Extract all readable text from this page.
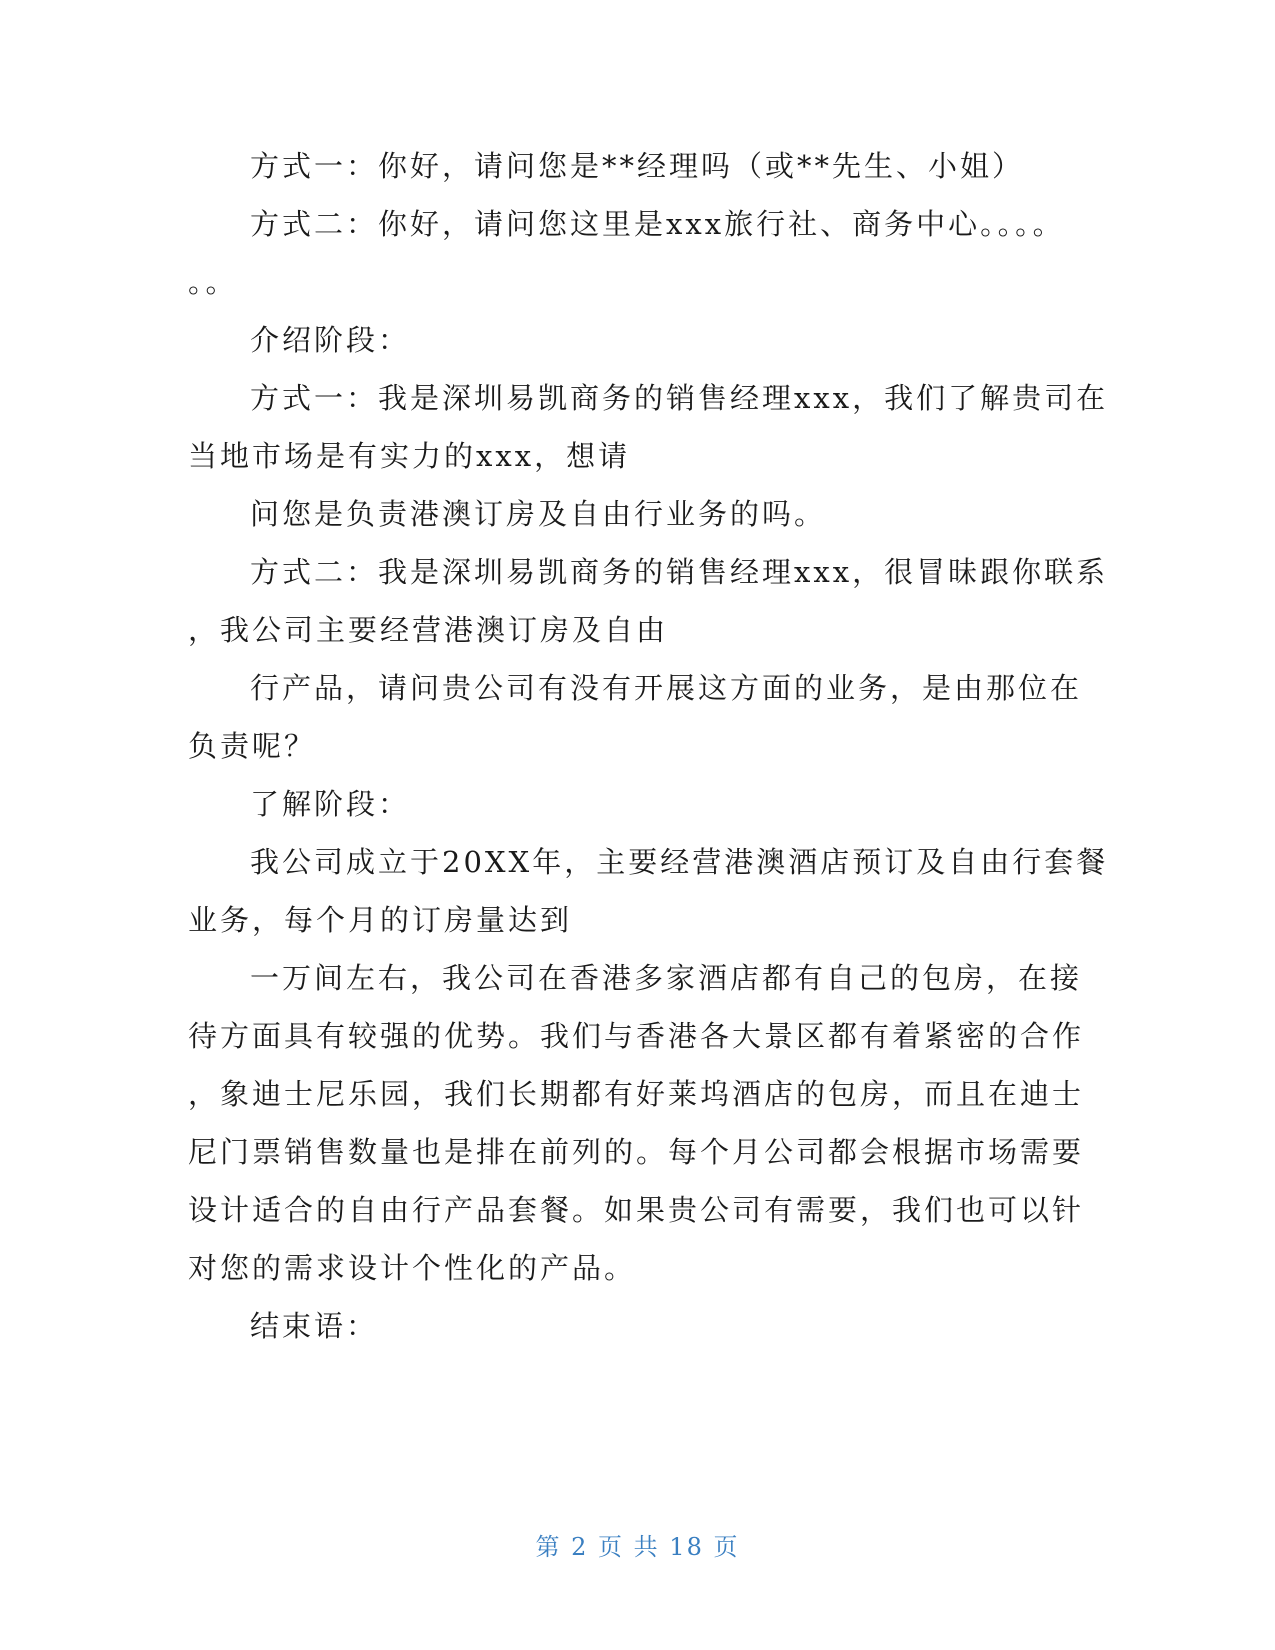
方式一：你好，请问您是**经理吗（或**先生、小姐）
方式二：你好，请问您这里是xxx旅行社、商务中心。。。。
。。
介绍阶段：
方式一：我是深圳易凯商务的销售经理xxx，我们了解贵司在
当地市场是有实力的xxx，想请
问您是负责港澳订房及自由行业务的吗。
方式二：我是深圳易凯商务的销售经理xxx，很冒昧跟你联系
，我公司主要经营港澳订房及自由
行产品，请问贵公司有没有开展这方面的业务，是由那位在
负责呢？
了解阶段：
我公司成立于20XX年，主要经营港澳酒店预订及自由行套餐
业务，每个月的订房量达到
一万间左右，我公司在香港多家酒店都有自己的包房，在接
待方面具有较强的优势。我们与香港各大景区都有着紧密的合作
，象迪士尼乐园，我们长期都有好莱坞酒店的包房，而且在迪士
尼门票销售数量也是排在前列的。每个月公司都会根据市场需要
设计适合的自由行产品套餐。如果贵公司有需要，我们也可以针
对您的需求设计个性化的产品。
结束语：
第 2 页 共 18 页
